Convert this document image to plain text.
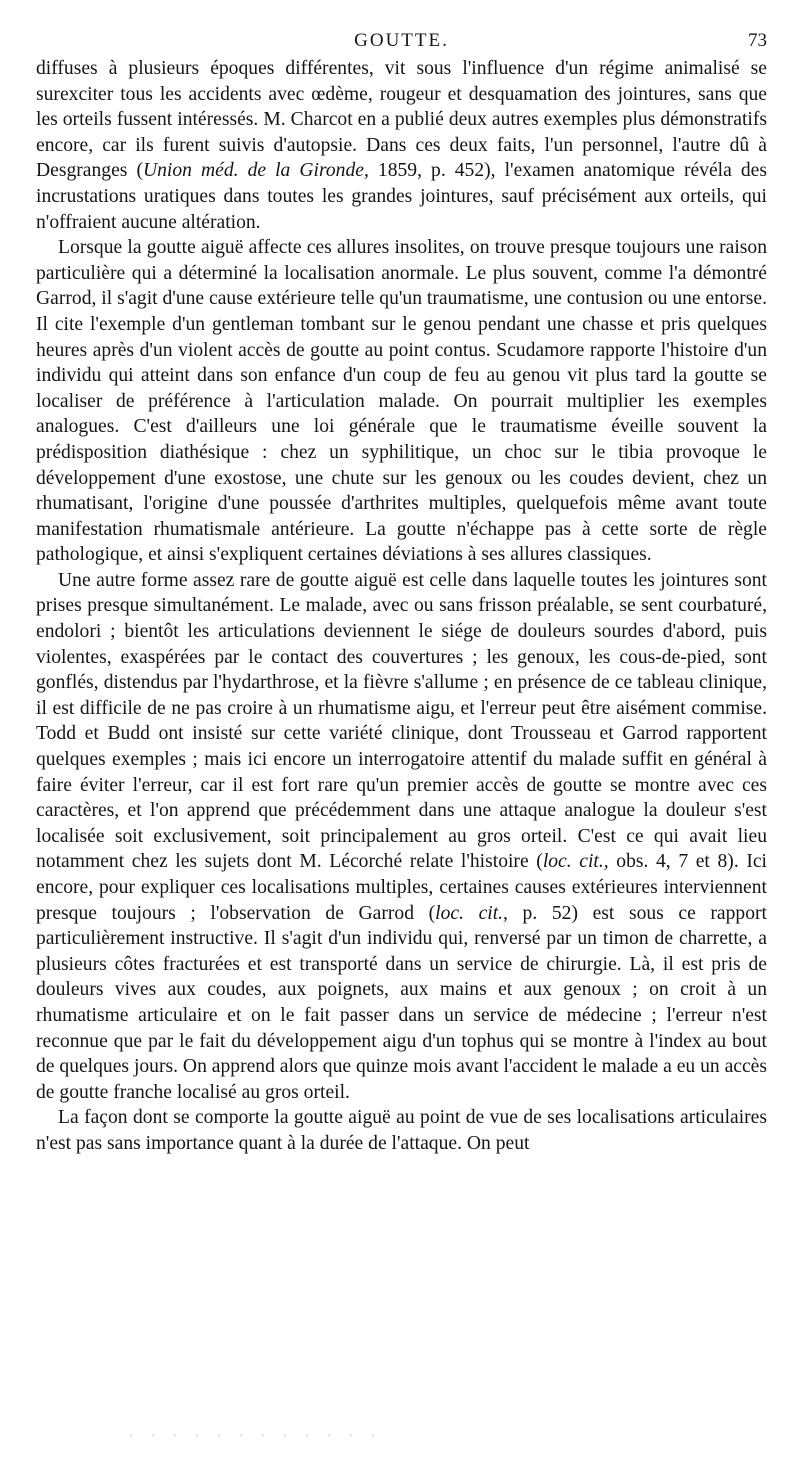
GOUTTE.	73

diffuses à plusieurs époques différentes, vit sous l'influence d'un régime animalisé se surexciter tous les accidents avec œdème, rougeur et desquamation des jointures, sans que les orteils fussent intéressés. M. Charcot en a publié deux autres exemples plus démonstratifs encore, car ils furent suivis d'autopsie. Dans ces deux faits, l'un personnel, l'autre dû à Desgranges (Union méd. de la Gironde, 1859, p. 452), l'examen anatomique révéla des incrustations uratiques dans toutes les grandes jointures, sauf précisément aux orteils, qui n'offraient aucune altération.

Lorsque la goutte aiguë affecte ces allures insolites, on trouve presque toujours une raison particulière qui a déterminé la localisation anormale. Le plus souvent, comme l'a démontré Garrod, il s'agit d'une cause extérieure telle qu'un traumatisme, une contusion ou une entorse. Il cite l'exemple d'un gentleman tombant sur le genou pendant une chasse et pris quelques heures après d'un violent accès de goutte au point contus. Scudamore rapporte l'histoire d'un individu qui atteint dans son enfance d'un coup de feu au genou vit plus tard la goutte se localiser de préférence à l'articulation malade. On pourrait multiplier les exemples analogues. C'est d'ailleurs une loi générale que le traumatisme éveille souvent la prédisposition diathésique : chez un syphilitique, un choc sur le tibia provoque le développement d'une exostose, une chute sur les genoux ou les coudes devient, chez un rhumatisant, l'origine d'une poussée d'arthrites multiples, quelquefois même avant toute manifestation rhumatismale antérieure. La goutte n'échappe pas à cette sorte de règle pathologique, et ainsi s'expliquent certaines déviations à ses allures classiques.

Une autre forme assez rare de goutte aiguë est celle dans laquelle toutes les jointures sont prises presque simultanément. Le malade, avec ou sans frisson préalable, se sent courbaturé, endolori ; bientôt les articulations deviennent le siége de douleurs sourdes d'abord, puis violentes, exaspérées par le contact des couvertures ; les genoux, les cous-de-pied, sont gonflés, distendus par l'hydarthrose, et la fièvre s'allume ; en présence de ce tableau clinique, il est difficile de ne pas croire à un rhumatisme aigu, et l'erreur peut être aisément commise. Todd et Budd ont insisté sur cette variété clinique, dont Trousseau et Garrod rapportent quelques exemples ; mais ici encore un interrogatoire attentif du malade suffit en général à faire éviter l'erreur, car il est fort rare qu'un premier accès de goutte se montre avec ces caractères, et l'on apprend que précédemment dans une attaque analogue la douleur s'est localisée soit exclusivement, soit principalement au gros orteil. C'est ce qui avait lieu notamment chez les sujets dont M. Lécorché relate l'histoire (loc. cit., obs. 4, 7 et 8). Ici encore, pour expliquer ces localisations multiples, certaines causes extérieures interviennent presque toujours ; l'observation de Garrod (loc. cit., p. 52) est sous ce rapport particulièrement instructive. Il s'agit d'un individu qui, renversé par un timon de charrette, a plusieurs côtes fracturées et est transporté dans un service de chirurgie. Là, il est pris de douleurs vives aux coudes, aux poignets, aux mains et aux genoux ; on croit à un rhumatisme articulaire et on le fait passer dans un service de médecine ; l'erreur n'est reconnue que par le fait du développement aigu d'un tophus qui se montre à l'index au bout de quelques jours. On apprend alors que quinze mois avant l'accident le malade a eu un accès de goutte franche localisé au gros orteil.

La façon dont se comporte la goutte aiguë au point de vue de ses localisations articulaires n'est pas sans importance quant à la durée de l'attaque. On peut
